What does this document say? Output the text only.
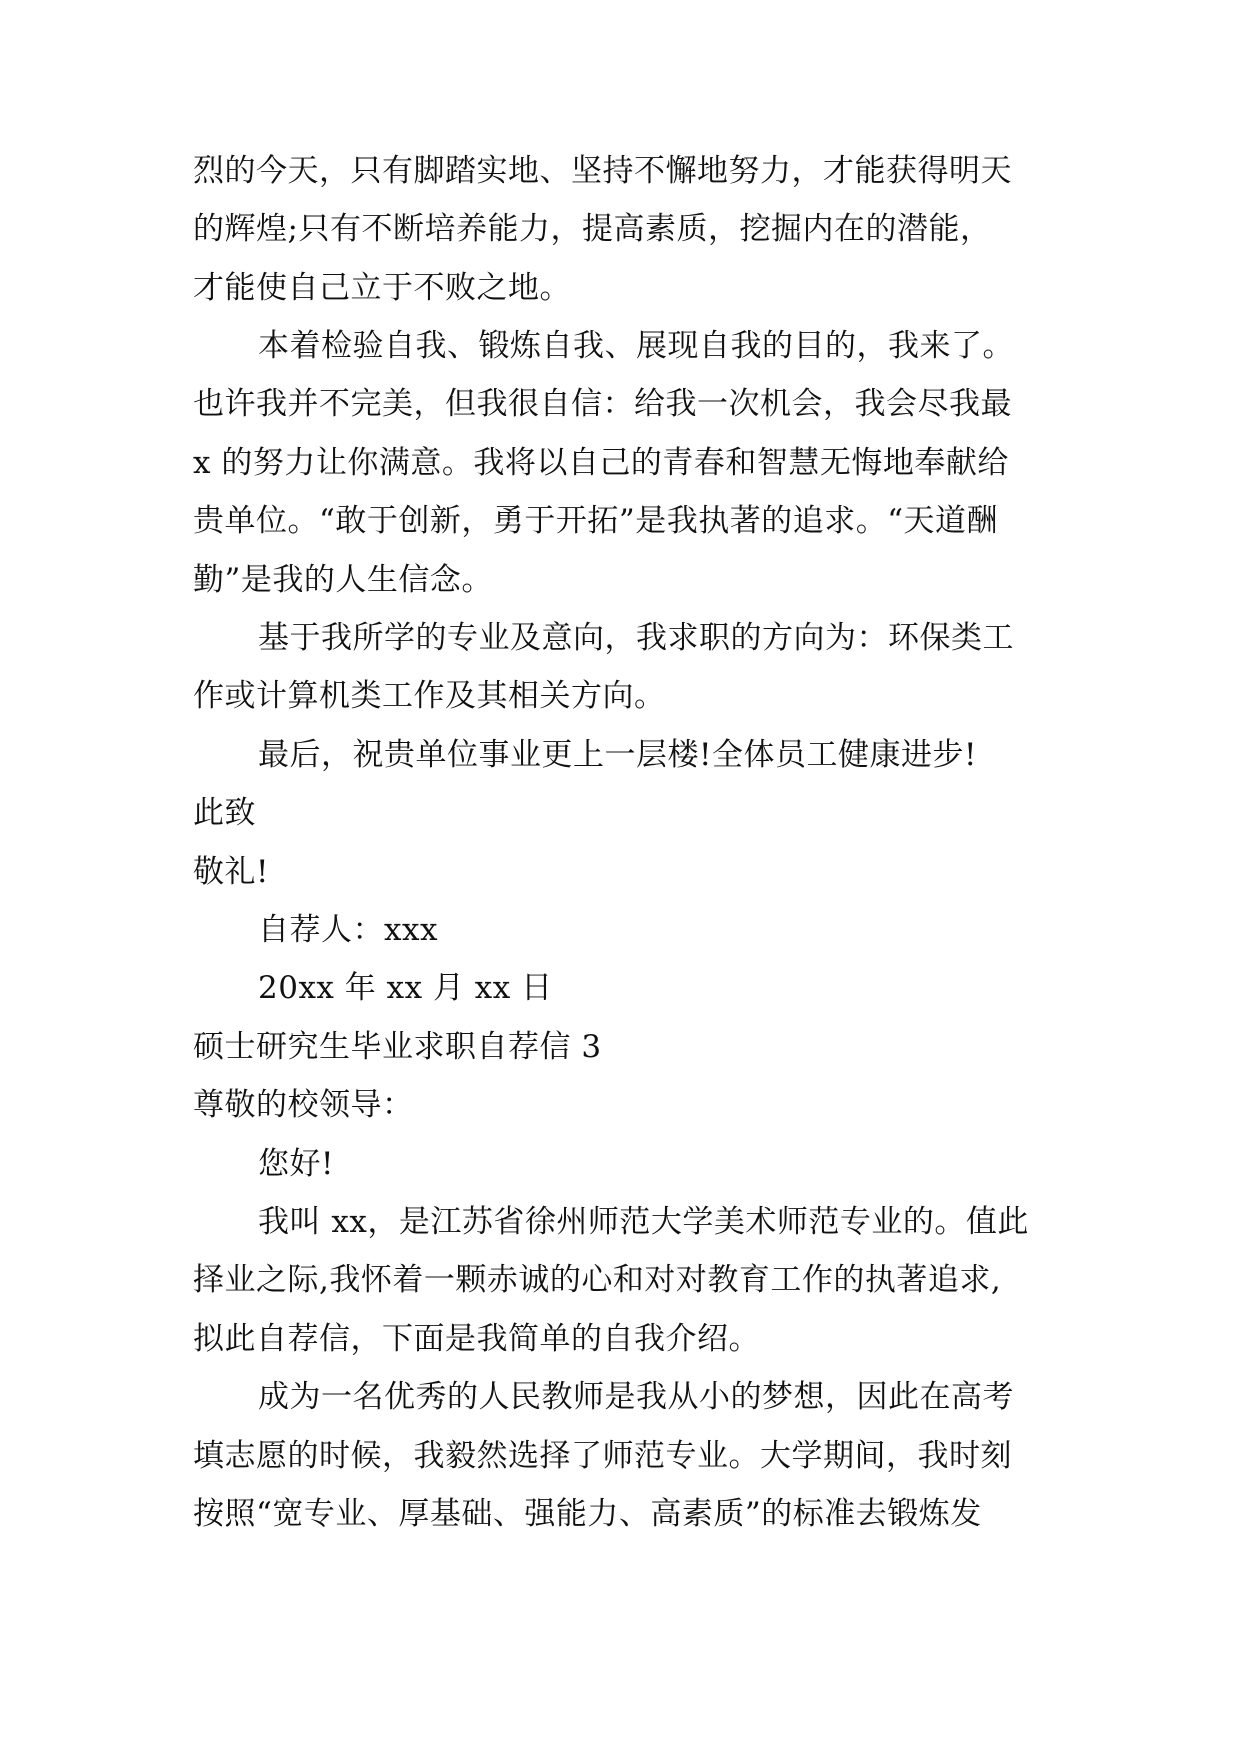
烈的今天，只有脚踏实地、坚持不懈地努力，才能获得明天
的辉煌;只有不断培养能力，提高素质，挖掘内在的潜能，
才能使自己立于不败之地。
本着检验自我、锻炼自我、展现自我的目的，我来了。
也许我并不完美，但我很自信：给我一次机会，我会尽我最
x 的努力让你满意。我将以自己的青春和智慧无悔地奉献给
贵单位。“敢于创新，勇于开拓”是我执著的追求。“天道酬
勤”是我的人生信念。
基于我所学的专业及意向，我求职的方向为：环保类工
作或计算机类工作及其相关方向。
最后，祝贵单位事业更上一层楼!全体员工健康进步!
此致
敬礼!
自荐人：xxx
20xx 年 xx 月 xx 日
硕士研究生毕业求职自荐信 3
尊敬的校领导：
您好!
我叫 xx，是江苏省徐州师范大学美术师范专业的。值此
择业之际,我怀着一颗赤诚的心和对对教育工作的执著追求,
拟此自荐信，下面是我简单的自我介绍。
成为一名优秀的人民教师是我从小的梦想，因此在高考
填志愿的时候，我毅然选择了师范专业。大学期间，我时刻
按照“宽专业、厚基础、强能力、高素质”的标准去锻炼发
